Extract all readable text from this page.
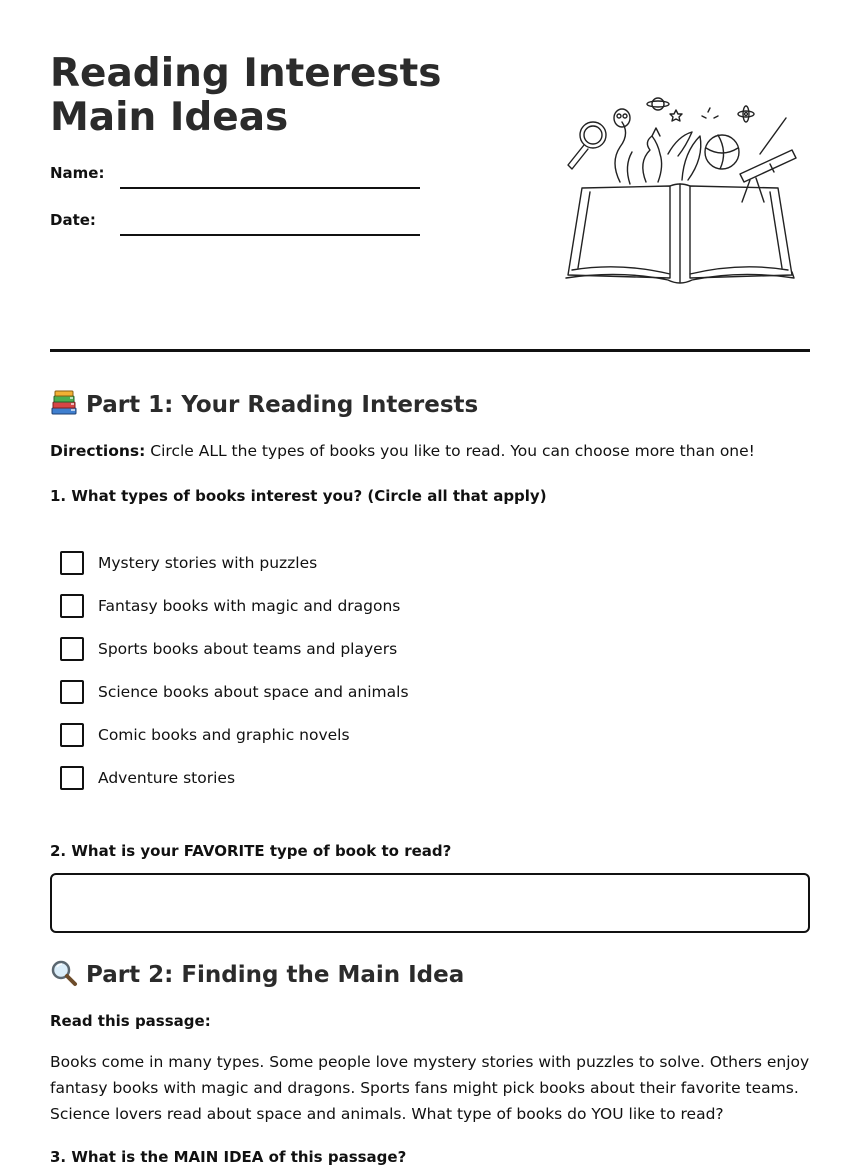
Reading Interests Main Ideas
Name:
Date:
Part 1: Your Reading Interests

Directions: Circle ALL the types of books you like to read. You can choose more than one!

1. What types of books interest you? (Circle all that apply)

Mystery stories with puzzles
Fantasy books with magic and dragons
Sports books about teams and players
Science books about space and animals
Comic books and graphic novels
Adventure stories

2. What is your FAVORITE type of book to read?

Part 2: Finding the Main Idea

Read this passage:

Books come in many types. Some people love mystery stories with puzzles to solve. Others enjoy fantasy books with magic and dragons. Sports fans might pick books about their favorite teams. Science lovers read about space and animals. What type of books do YOU like to read?

3. What is the MAIN IDEA of this passage?
